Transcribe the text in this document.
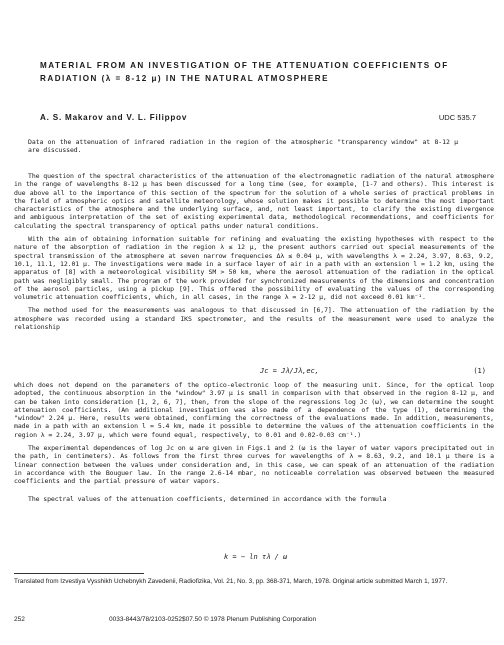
MATERIAL FROM AN INVESTIGATION OF THE ATTENUATION COEFFICIENTS OF RADIATION (λ = 8-12 μ) IN THE NATURAL ATMOSPHERE
A. S. Makarov and V. L. Filippov	UDC 535.7

Data on the attenuation of infrared radiation in the region of the atmospheric "transparency window" at 8-12 μ are discussed.

The question of the spectral characteristics of the attenuation of the electromagnetic radiation of the natural atmosphere in the range of wavelengths 8-12 μ has been discussed for a long time (see, for example, [1-7 and others). This interest is due above all to the importance of this section of the spectrum for the solution of a whole series of practical problems in the field of atmospheric optics and satellite meteorology, whose solution makes it possible to determine the most important characteristics of the atmosphere and the underlying surface, and, not least important, to clarify the existing divergence and ambiguous interpretation of the set of existing experimental data, methodological recommendations, and coefficients for calculating the spectral transparency of optical paths under natural conditions.

With the aim of obtaining information suitable for refining and evaluating the existing hypotheses with respect to the nature of the absorption of radiation in the region λ ≤ 12 μ, the present authors carried out special measurements of the spectral transmission of the atmosphere at seven narrow frequencies Δλ ≤ 0.04 μ, with wavelengths λ = 2.24, 3.97, 8.63, 9.2, 10.1, 11.1, 12.01 μ. The investigations were made in a surface layer of air in a path with an extension l = 1.2 km, using the apparatus of [8] with a meteorological visibility SM > 50 km, where the aerosol attenuation of the radiation in the optical path was negligibly small. The program of the work provided for synchronized measurements of the dimensions and concentration of the aerosol particles, using a pickup [9]. This offered the possibility of evaluating the values of the corresponding volumetric attenuation coefficients, which, in all cases, in the range λ = 2-12 μ, did not exceed 0.01 km⁻¹.

The method used for the measurements was analogous to that discussed in [6,7]. The attenuation of the radiation by the atmosphere was recorded using a standard IKS spectrometer, and the results of the measurement were used to analyze the relationship

Jc = Jλ/Jλ,ec,	(1)

which does not depend on the parameters of the optico-electronic loop of the measuring unit. Since, for the optical loop adopted, the continuous absorption in the "window" 3.97 μ is small in comparison with that observed in the region 8-12 μ, and can be taken into consideration [1, 2, 6, 7], then, from the slope of the regressions log Jc (ω), we can determine the sought attenuation coefficients. (An additional investigation was also made of a dependence of the type (1), determining the "window" 2.24 μ. Here, results were obtained, confirming the correctness of the evaluations made. In addition, measurements, made in a path with an extension l = 5.4 km, made it possible to determine the values of the attenuation coefficients in the region λ = 2.24, 3.97 μ, which were found equal, respectively, to 0.01 and 0.02-0.03 cm⁻¹.)

The experimental dependences of log Jc on ω are given in Figs.1 and 2 (ω is the layer of water vapors precipitated out in the path, in centimeters). As follows from the first three curves for wavelengths of λ = 8.63, 9.2, and 10.1 μ there is a linear connection between the values under consideration and, in this case, we can speak of an attenuation of the radiation in accordance with the Bouguer law. In the range 2.6-14 mbar, no noticeable correlation was observed between the measured coefficients and the partial pressure of water vapors.

The spectral values of the attenuation coefficients, determined in accordance with the formula

k = − ln τλ / ω
Translated from Izvestiya Vysshikh Uchebnykh Zavedenii, Radiofizika, Vol. 21, No. 3, pp. 368-371, March, 1978. Original article submitted March 1, 1977.
252	0033-8443/78/2103-0252$07.50 © 1978 Plenum Publishing Corporation
